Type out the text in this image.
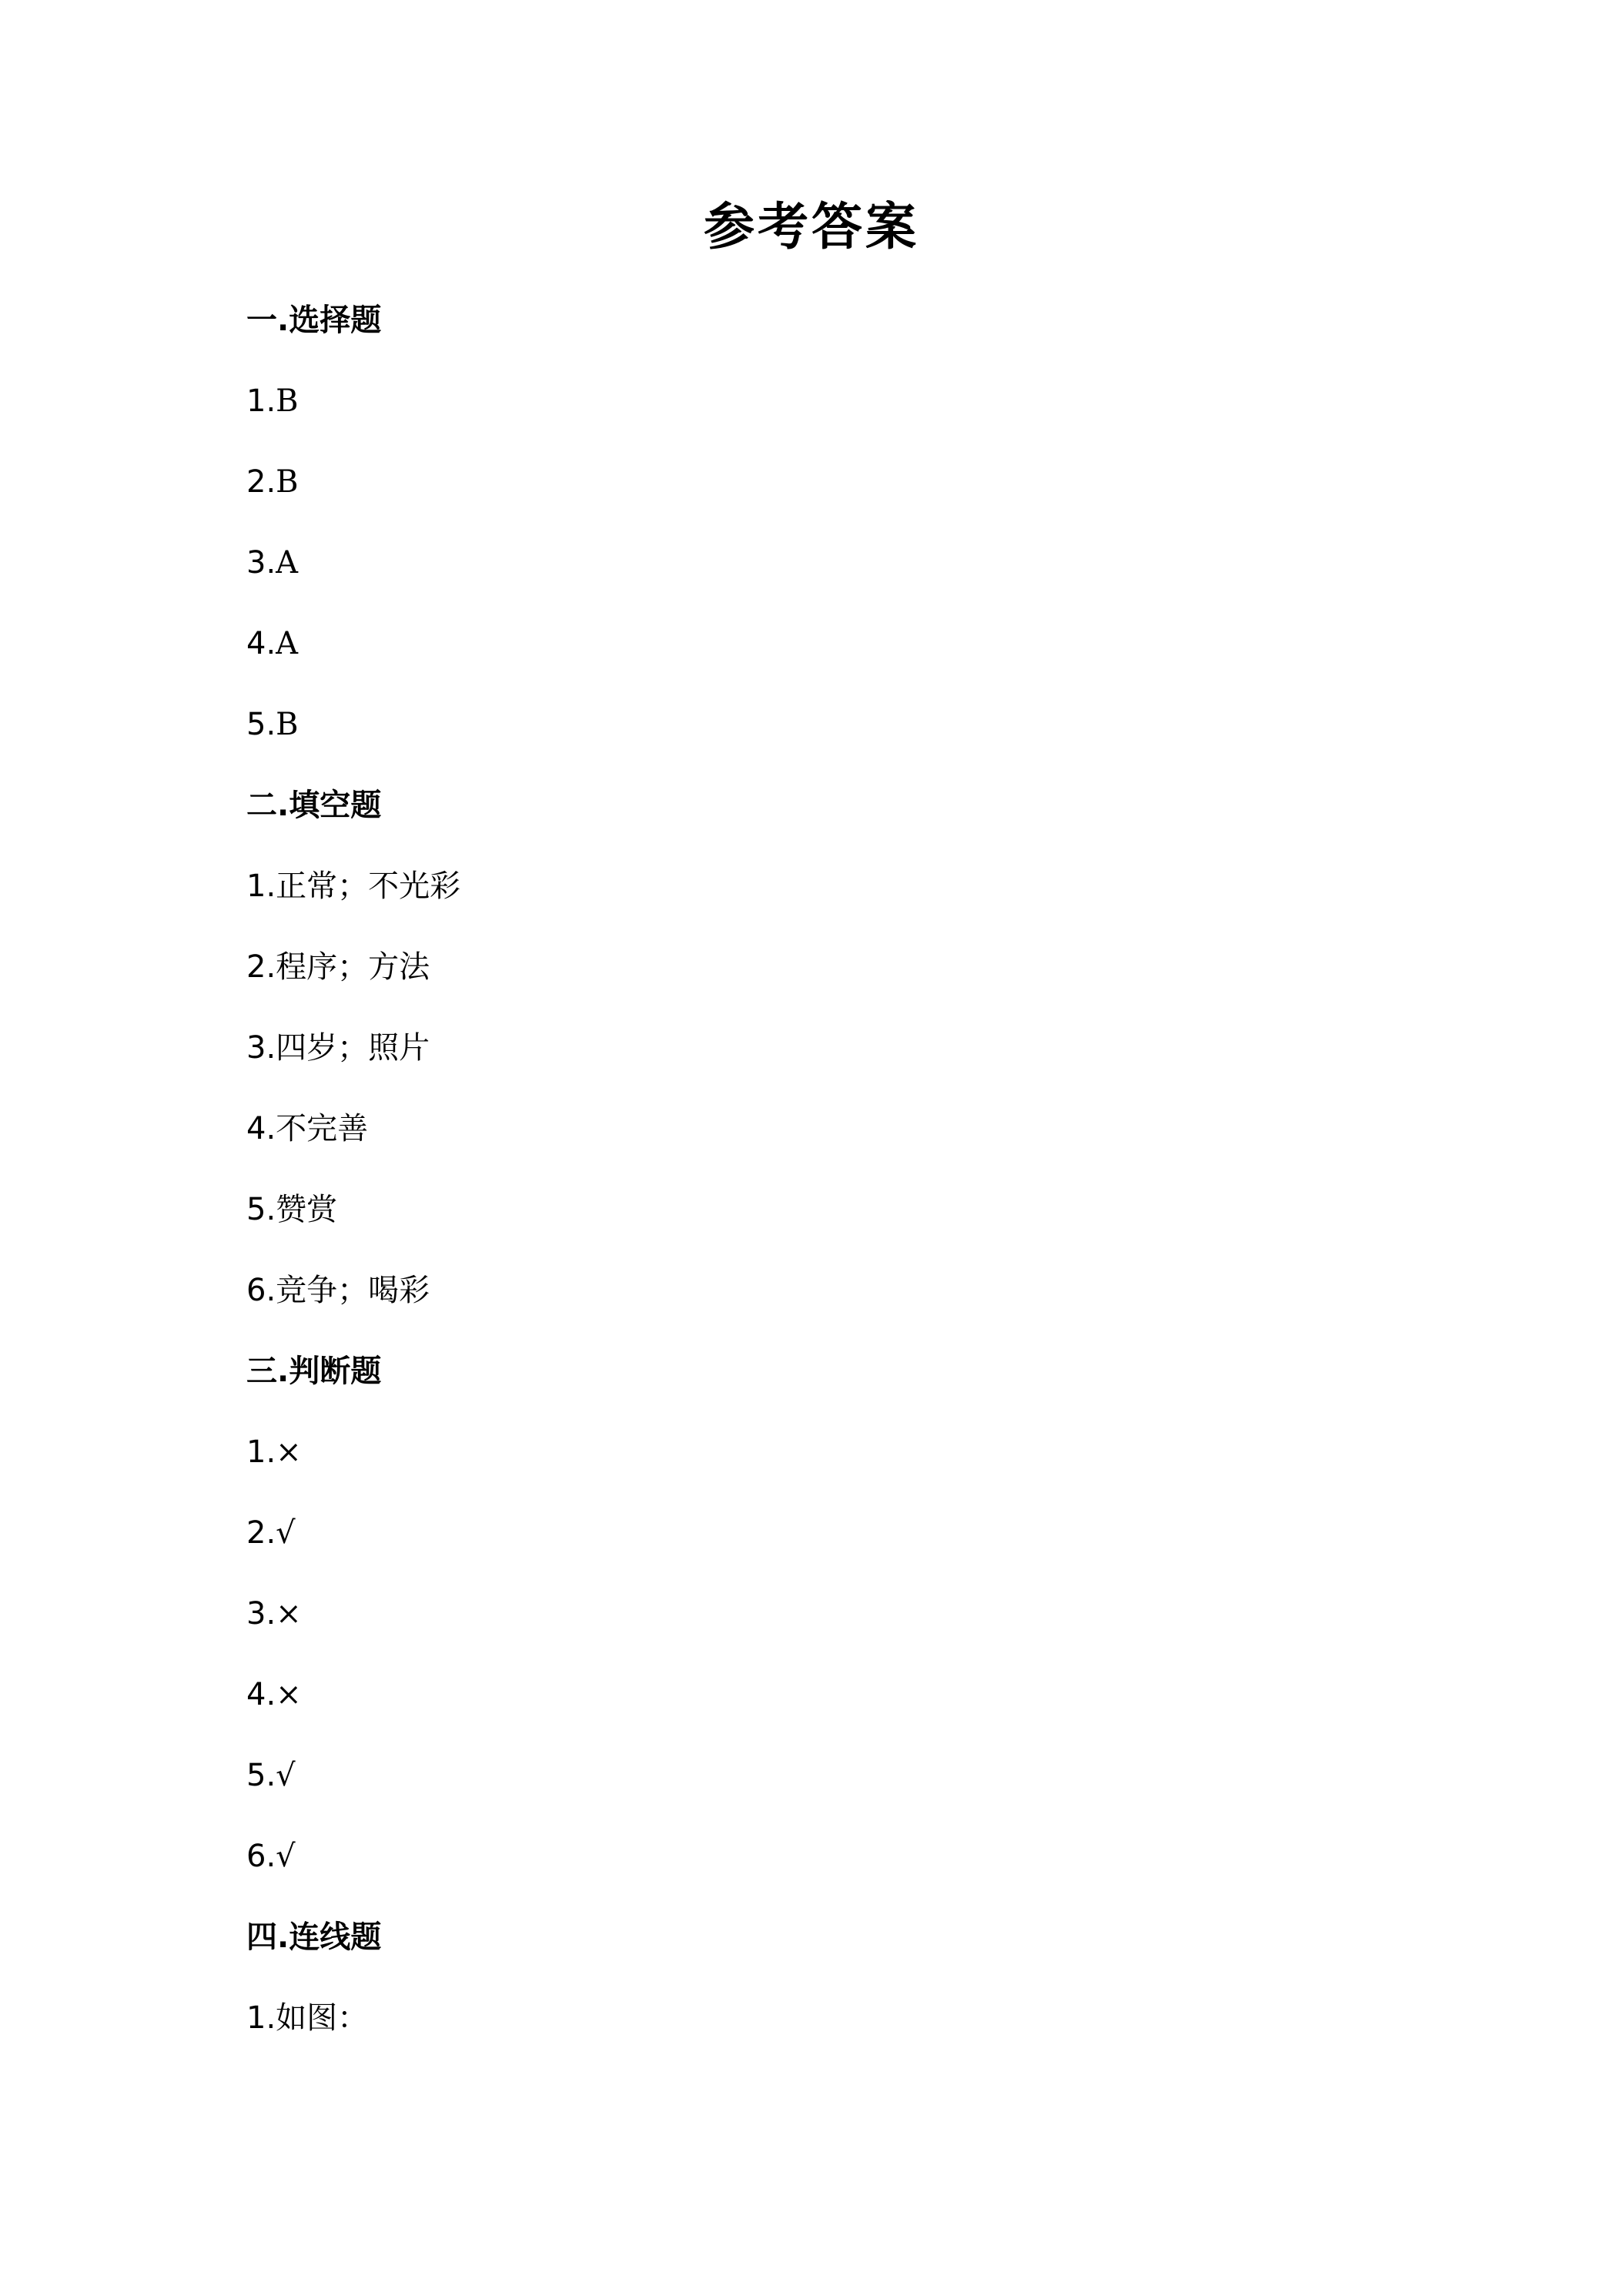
参考答案
一.选择题
1.B
2.B
3.A
4.A
5.B
二.填空题
1.正常；不光彩
2.程序；方法
3.四岁；照片
4.不完善
5.赞赏
6.竞争；喝彩
三.判断题
1.×
2.√
3.×
4.×
5.√
6.√
四.连线题
1.如图：
